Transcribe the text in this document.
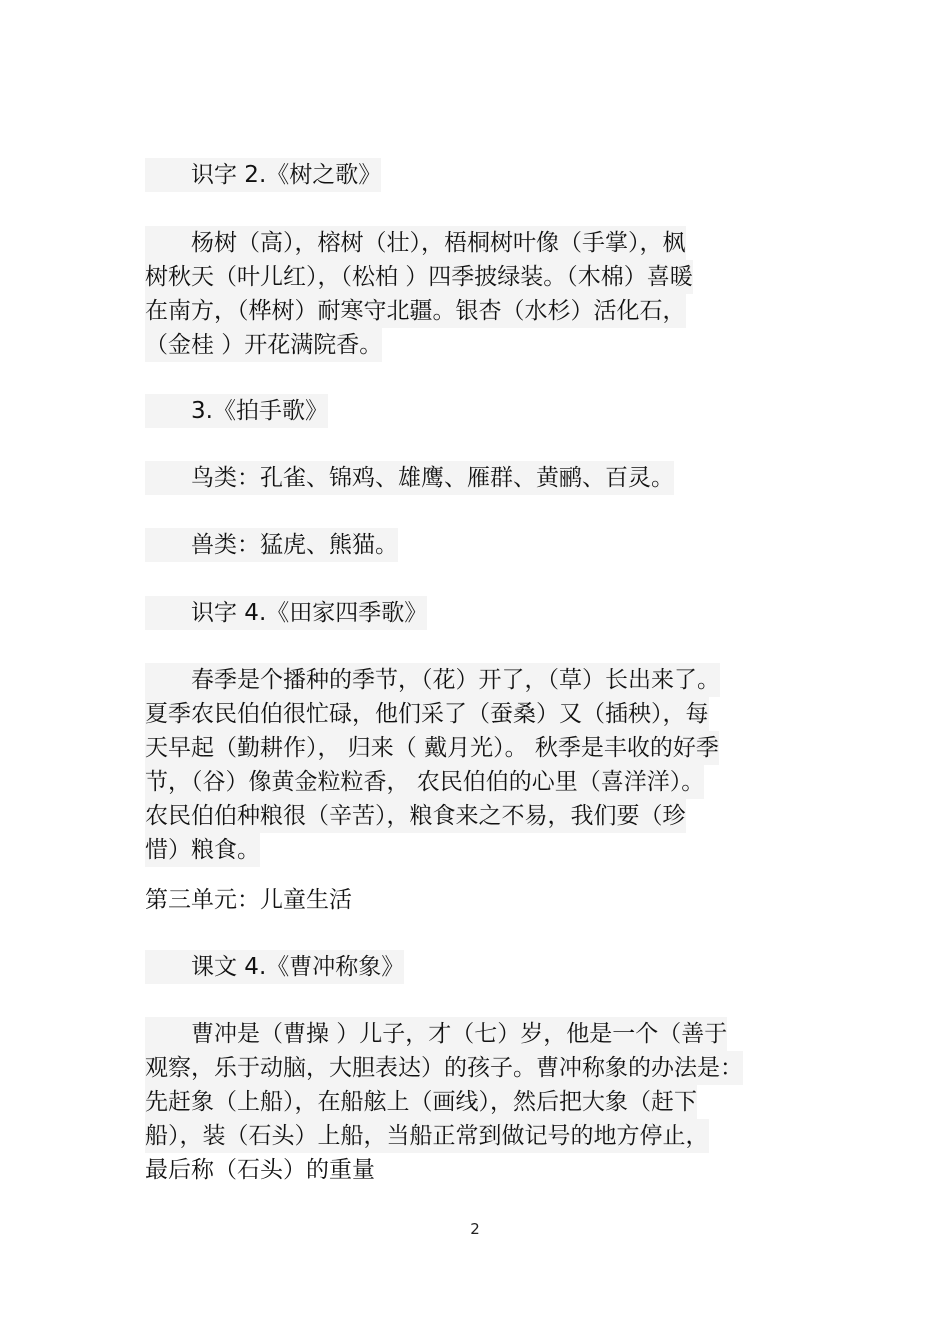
　　识字 2.《树之歌》
　　杨树（高），榕树（壮），梧桐树叶像（手掌），枫
树秋天（叶儿红），（松柏 ）四季披绿装。（木棉）喜暖
在南方，（桦树）耐寒守北疆。银杏（水杉）活化石，
（金桂 ）开花满院香。
　　3.《拍手歌》
　　鸟类：孔雀、锦鸡、雄鹰、雁群、黄鹂、百灵。
　　兽类：猛虎、熊猫。
　　识字 4.《田家四季歌》
　　春季是个播种的季节，（花）开了，（草）长出来了。
夏季农民伯伯很忙碌，他们采了（蚕桑）又（插秧），每
天早起（勤耕作）， 归来（ 戴月光）。 秋季是丰收的好季
节，（谷）像黄金粒粒香， 农民伯伯的心里（喜洋洋）。
农民伯伯种粮很（辛苦），粮食来之不易，我们要（珍
惜）粮食。
第三单元：儿童生活
　　课文 4.《曹冲称象》
　　曹冲是（曹操 ）儿子，才（七）岁，他是一个（善于
观察，乐于动脑，大胆表达）的孩子。曹冲称象的办法是：
先赶象（上船），在船舷上（画线），然后把大象（赶下
船），装（石头）上船，当船正常到做记号的地方停止，
最后称（石头）的重量
2
